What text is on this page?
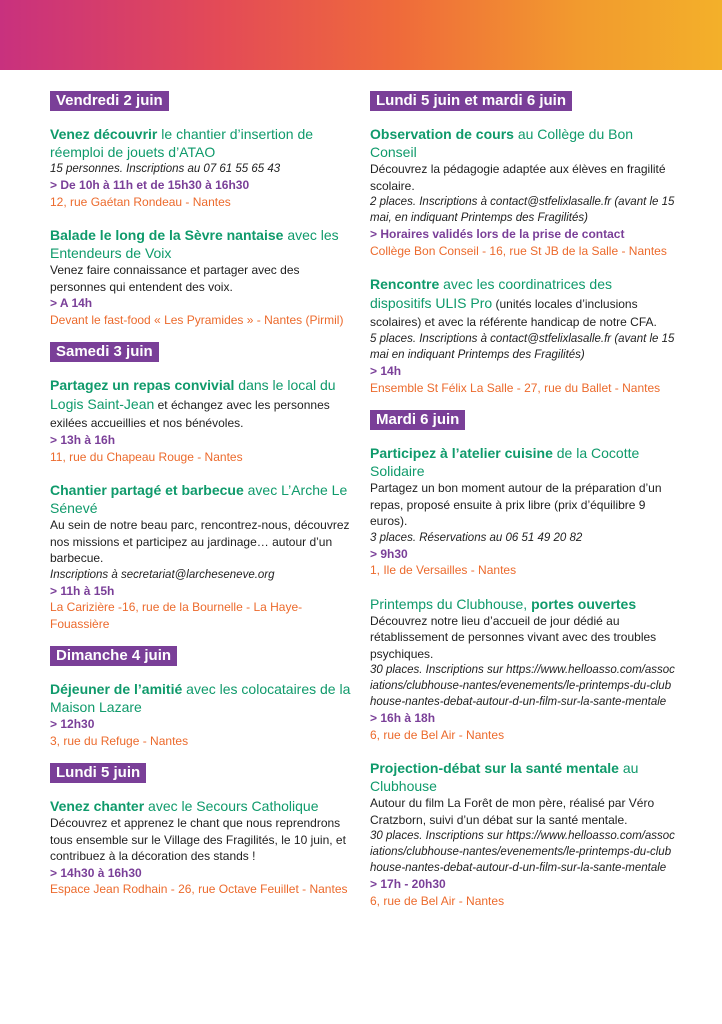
Vendredi 2 juin
Venez découvrir le chantier d’insertion de réemploi de jouets d’ATAO
15 personnes. Inscriptions au 07 61 55 65 43
> De 10h à 11h et de 15h30 à 16h30
12, rue Gaétan Rondeau - Nantes
Balade le long de la Sèvre nantaise avec les Entendeurs de Voix
Venez faire connaissance et partager avec des personnes qui entendent des voix.
> A 14h
Devant le fast-food « Les Pyramides » - Nantes (Pirmil)
Samedi 3 juin
Partagez un repas convivial dans le local du Logis Saint-Jean et échangez avec les personnes exilées accueillies et nos bénévoles.
> 13h à 16h
11, rue du Chapeau Rouge - Nantes
Chantier partagé et barbecue avec L’Arche Le Sénevé
Au sein de notre beau parc, rencontrez-nous, découvrez nos missions et participez au jardinage… autour d’un barbecue.
Inscriptions à secretariat@larcheseneve.org
> 11h à 15h
La Carizière -16, rue de la Bournelle - La Haye-Fouassière
Dimanche 4 juin
Déjeuner de l’amitié avec les colocataires de la Maison Lazare
> 12h30
3, rue du Refuge - Nantes
Lundi 5 juin
Venez chanter avec le Secours Catholique
Découvrez et apprenez le chant que nous reprendrons tous ensemble sur le Village des Fragilités, le 10 juin, et contribuez à la décoration des stands !
> 14h30 à 16h30
Espace Jean Rodhain - 26, rue Octave Feuillet - Nantes
Lundi 5 juin et mardi 6 juin
Observation de cours au Collège du Bon Conseil
Découvrez la pédagogie adaptée aux élèves en fragilité scolaire.
2 places. Inscriptions à contact@stfelixlasalle.fr (avant le 15 mai, en indiquant Printemps des Fragilités)
> Horaires validés lors de la prise de contact
Collège Bon Conseil - 16, rue St JB de la Salle - Nantes
Rencontre avec les coordinatrices des dispositifs ULIS Pro (unités locales d’inclusions scolaires) et avec la référente handicap de notre CFA.
5 places. Inscriptions à contact@stfelixlasalle.fr (avant le 15 mai en indiquant Printemps des Fragilités)
> 14h
Ensemble St Félix La Salle - 27, rue du Ballet - Nantes
Mardi 6 juin
Participez à l’atelier cuisine de la Cocotte Solidaire
Partagez un bon moment autour de la préparation d’un repas, proposé ensuite à prix libre (prix d’équilibre 9 euros).
3 places. Réservations au 06 51 49 20 82
> 9h30
1, Ile de Versailles - Nantes
Printemps du Clubhouse, portes ouvertes
Découvrez notre lieu d’accueil de jour dédié au rétablissement de personnes vivant avec des troubles psychiques.
30 places. Inscriptions sur https://www.helloasso.com/associations/clubhouse-nantes/evenements/le-printemps-du-clubhouse-nantes-debat-autour-d-un-film-sur-la-sante-mentale
> 16h à 18h
6, rue de Bel Air - Nantes
Projection-débat sur la santé mentale au Clubhouse
Autour du film La Forêt de mon père, réalisé par Véro Cratzborn, suivi d’un débat sur la santé mentale.
30 places. Inscriptions sur https://www.helloasso.com/associations/clubhouse-nantes/evenements/le-printemps-du-clubhouse-nantes-debat-autour-d-un-film-sur-la-sante-mentale
> 17h - 20h30
6, rue de Bel Air - Nantes
